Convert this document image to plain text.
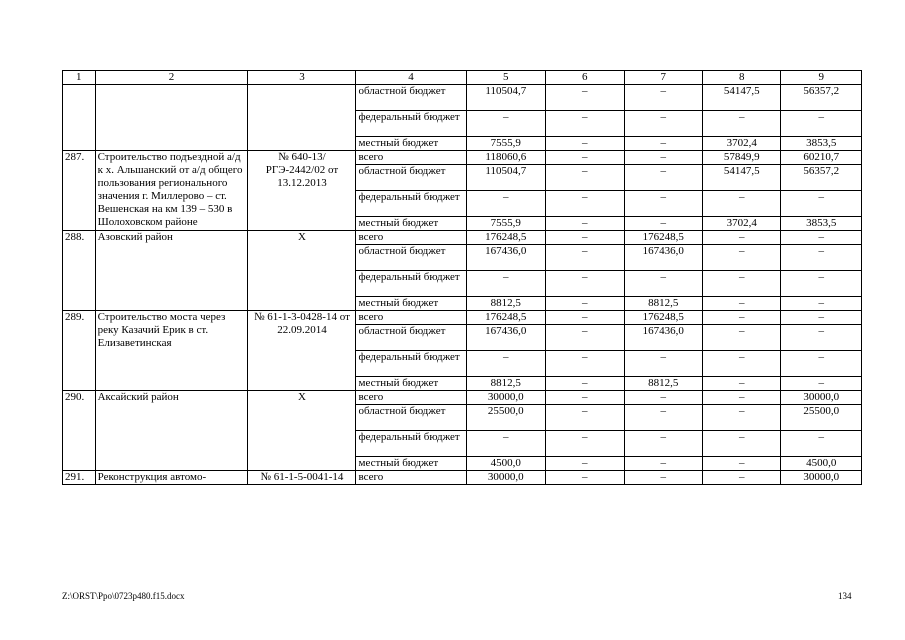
1	2	3	4	5	6	7	8	9
			областной бюджет	110504,7	–	–	54147,5	56357,2
			федеральный бюджет	–	–	–	–	–
			местный бюджет	7555,9	–	–	3702,4	3853,5
287.	Строительство подъездной а/д к х. Альшанский от а/д общего пользования регионального значения г. Миллерово – ст. Вешенская на км 139 – 530 в Шолоховском районе	№ 640-13/РГЭ-2442/02 от 13.12.2013	всего	118060,6	–	–	57849,9	60210,7
			областной бюджет	110504,7	–	–	54147,5	56357,2
			федеральный бюджет	–	–	–	–	–
			местный бюджет	7555,9	–	–	3702,4	3853,5
288.	Азовский район	Х	всего	176248,5	–	176248,5	–	–
			областной бюджет	167436,0	–	167436,0	–	–
			федеральный бюджет	–	–	–	–	–
			местный бюджет	8812,5	–	8812,5	–	–
289.	Строительство моста через реку Казачий Ерик в ст. Елизаветинская	№ 61-1-3-0428-14 от 22.09.2014	всего	176248,5	–	176248,5	–	–
			областной бюджет	167436,0	–	167436,0	–	–
			федеральный бюджет	–	–	–	–	–
			местный бюджет	8812,5	–	8812,5	–	–
290.	Аксайский район	Х	всего	30000,0	–	–	–	30000,0
			областной бюджет	25500,0	–	–	–	25500,0
			федеральный бюджет	–	–	–	–	–
			местный бюджет	4500,0	–	–	–	4500,0
291.	Реконструкция автомо-	№ 61-1-5-0041-14	всего	30000,0	–	–	–	30000,0
Z:\ORST\Ppo\0723p480.f15.docx	134
